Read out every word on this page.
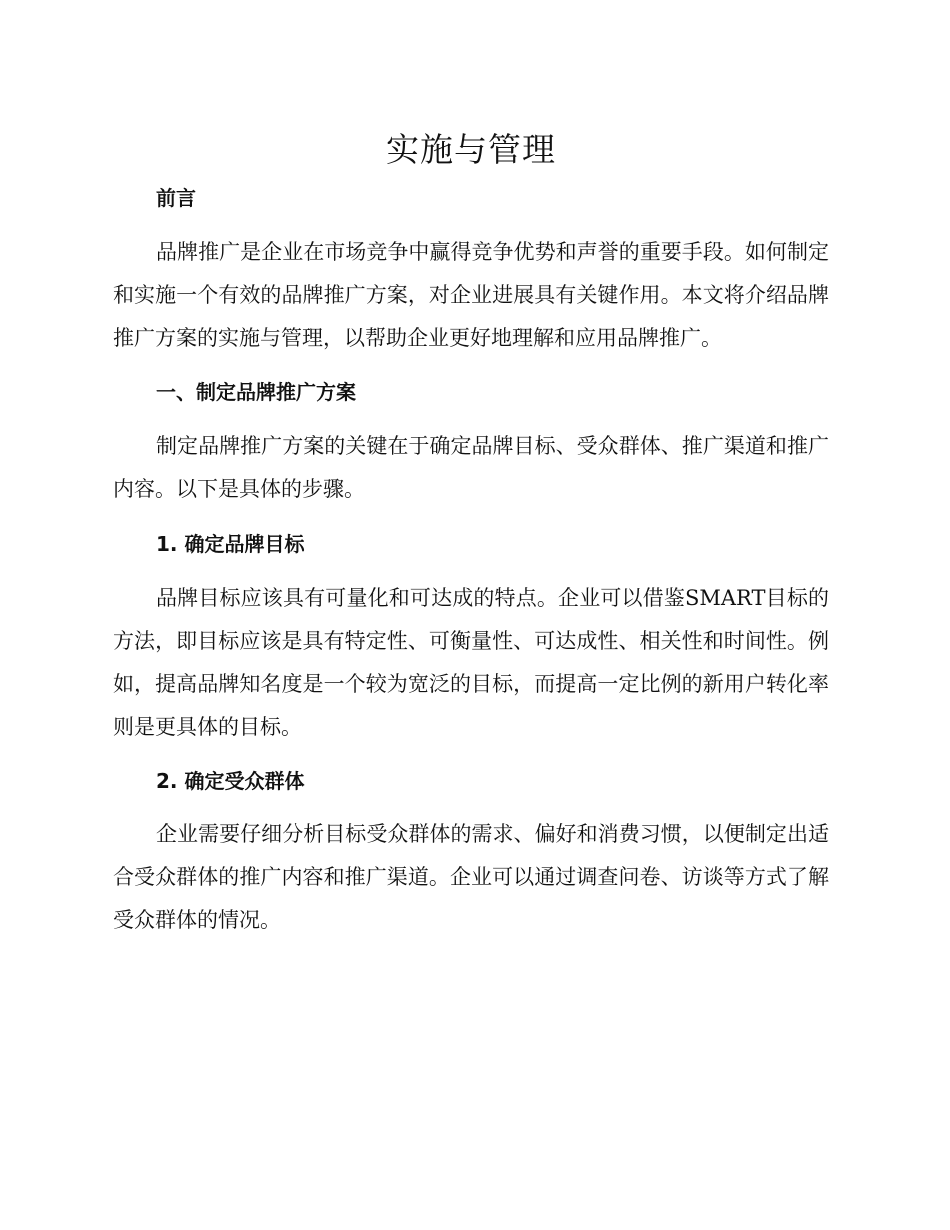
实施与管理
前言

品牌推广是企业在市场竞争中赢得竞争优势和声誉的重要手段。如何制定和实施一个有效的品牌推广方案，对企业进展具有关键作用。本文将介绍品牌推广方案的实施与管理，以帮助企业更好地理解和应用品牌推广。

一、制定品牌推广方案

制定品牌推广方案的关键在于确定品牌目标、受众群体、推广渠道和推广内容。以下是具体的步骤。

1. 确定品牌目标

品牌目标应该具有可量化和可达成的特点。企业可以借鉴SMART目标的方法，即目标应该是具有特定性、可衡量性、可达成性、相关性和时间性。例如，提高品牌知名度是一个较为宽泛的目标，而提高一定比例的新用户转化率则是更具体的目标。

2. 确定受众群体

企业需要仔细分析目标受众群体的需求、偏好和消费习惯，以便制定出适合受众群体的推广内容和推广渠道。企业可以通过调查问卷、访谈等方式了解受众群体的情况。
